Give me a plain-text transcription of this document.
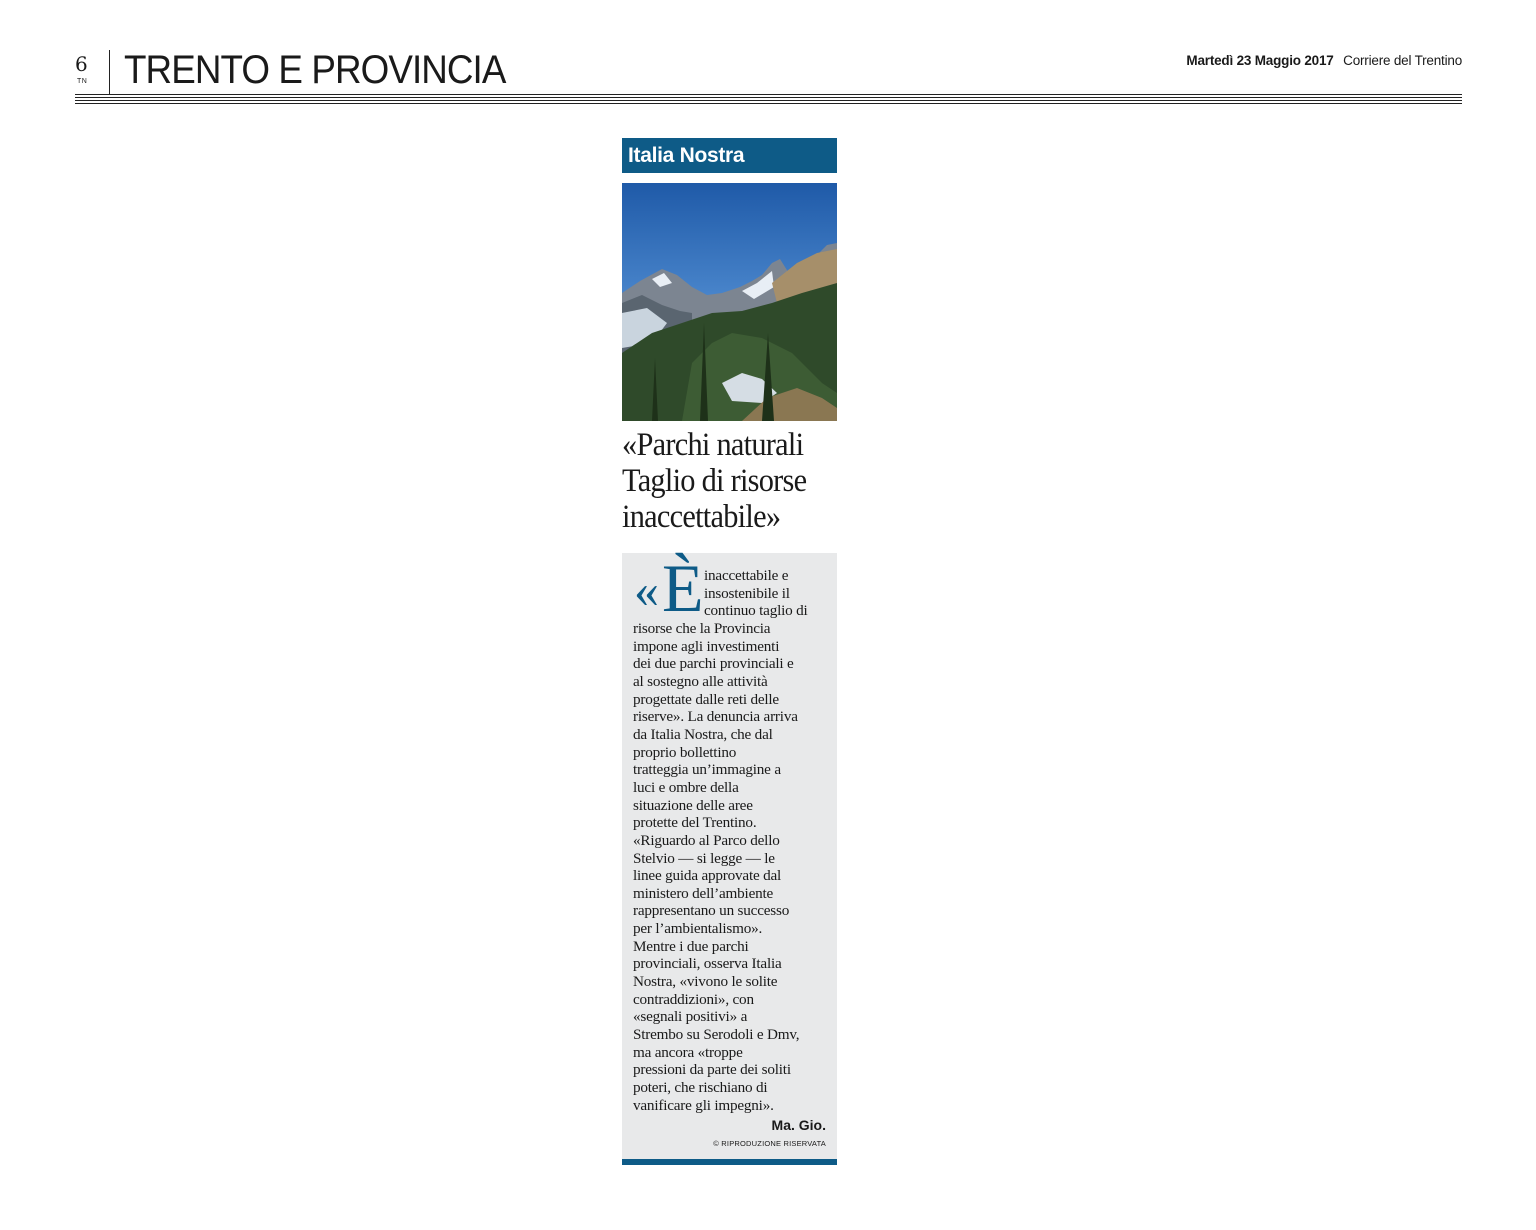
6
TN TRENTO E PROVINCIA	Martedì 23 Maggio 2017 Corriere del Trentino
Italia Nostra
«Parchi naturali
Taglio di risorse
inaccettabile»
« È inaccettabile e
insostenibile il
continuo taglio di
risorse che la Provincia
impone agli investimenti
dei due parchi provinciali e
al sostegno alle attività
progettate dalle reti delle
riserve». La denuncia arriva
da Italia Nostra, che dal
proprio bollettino
tratteggia un’immagine a
luci e ombre della
situazione delle aree
protette del Trentino.
«Riguardo al Parco dello
Stelvio — si legge — le
linee guida approvate dal
ministero dell’ambiente
rappresentano un successo
per l’ambientalismo».
Mentre i due parchi
provinciali, osserva Italia
Nostra, «vivono le solite
contraddizioni», con
«segnali positivi» a
Strembo su Serodoli e Dmv,
ma ancora «troppe
pressioni da parte dei soliti
poteri, che rischiano di
vanificare gli impegni».
Ma. Gio.
© RIPRODUZIONE RISERVATA
